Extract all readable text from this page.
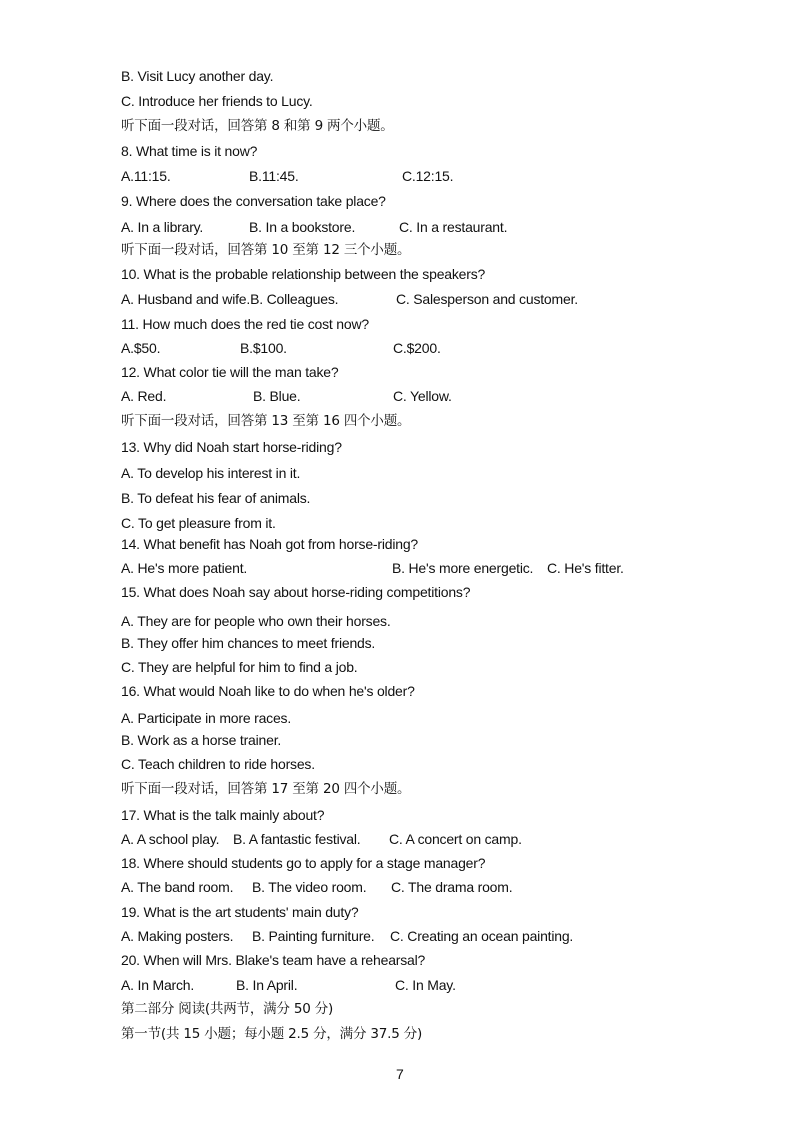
B. Visit Lucy another day.
C. Introduce her friends to Lucy.
听下面一段对话，回答第 8 和第 9 两个小题。
8. What time is it now?
A.11:15.	B.11:45.	C.12:15.
9. Where does the conversation take place?
A. In a library.	B. In a bookstore.	C. In a restaurant.
听下面一段对话，回答第 10 至第 12 三个小题。
10. What is the probable relationship between the speakers?
A. Husband and wife.B. Colleagues.	C. Salesperson and customer.
11. How much does the red tie cost now?
A.$50.	B.$100.	C.$200.
12. What color tie will the man take?
A. Red.	B. Blue.	C. Yellow.
听下面一段对话，回答第 13 至第 16 四个小题。
13. Why did Noah start horse-riding?
A. To develop his interest in it.
B. To defeat his fear of animals.
C. To get pleasure from it.
14. What benefit has Noah got from horse-riding?
A. He's more patient.	B. He's more energetic. C. He's fitter.
15. What does Noah say about horse-riding competitions?
A. They are for people who own their horses.
B. They offer him chances to meet friends.
C. They are helpful for him to find a job.
16. What would Noah like to do when he's older?
A. Participate in more races.
B. Work as a horse trainer.
C. Teach children to ride horses.
听下面一段对话，回答第 17 至第 20 四个小题。
17. What is the talk mainly about?
A. A school play. B. A fantastic festival. C. A concert on camp.
18. Where should students go to apply for a stage manager?
A. The band room. B. The video room. C. The drama room.
19. What is the art students' main duty?
A. Making posters. B. Painting furniture. C. Creating an ocean painting.
20. When will Mrs. Blake's team have a rehearsal?
A. In March.	B. In April.	C. In May.
第二部分 阅读(共两节，满分 50 分)
第一节(共 15 小题；每小题 2.5 分，满分 37.5 分)
7
